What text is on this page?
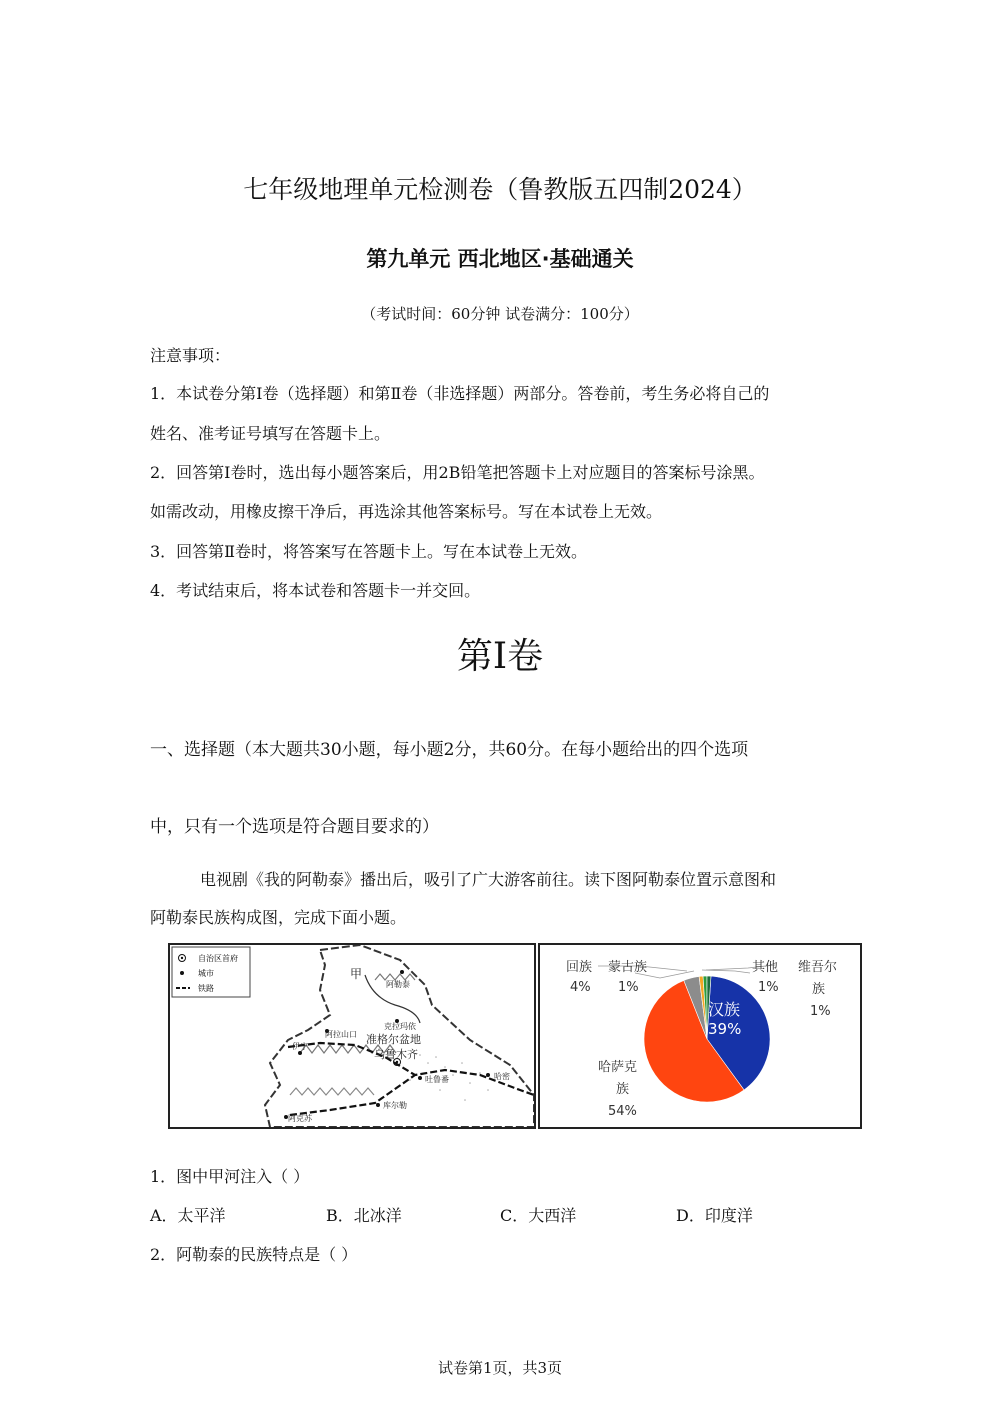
七年级地理单元检测卷（鲁教版五四制2024）
第九单元 西北地区·基础通关
（考试时间：60分钟 试卷满分：100分）
注意事项：
1．本试卷分第Ⅰ卷（选择题）和第Ⅱ卷（非选择题）两部分。答卷前，考生务必将自己的
姓名、准考证号填写在答题卡上。
2．回答第Ⅰ卷时，选出每小题答案后，用2B铅笔把答题卡上对应题目的答案标号涂黑。
如需改动，用橡皮擦干净后，再选涂其他答案标号。写在本试卷上无效。
3．回答第Ⅱ卷时，将答案写在答题卡上。写在本试卷上无效。
4．考试结束后，将本试卷和答题卡一并交回。
第Ⅰ卷
一、选择题（本大题共30小题，每小题2分，共60分。在每小题给出的四个选项
中，只有一个选项是符合题目要求的）
电视剧《我的阿勒泰》播出后，吸引了广大游客前往。读下图阿勒泰位置示意图和
阿勒泰民族构成图，完成下面小题。
自治区首府
城市
铁路
甲
阿勒泰
克拉玛依
阿拉山口 准格尔盆地
乌鲁木齐
伊宁
吐鲁番	哈密
库尔勒
阿克苏
回族
4%
蒙古族
1%
其他
1%
维吾尔
族
1%
哈萨克
族
54%
汉族
39%
1．图中甲河注入（ ）
A．太平洋	B．北冰洋	C．大西洋	D．印度洋
2．阿勒泰的民族特点是（ ）
试卷第1页，共3页
